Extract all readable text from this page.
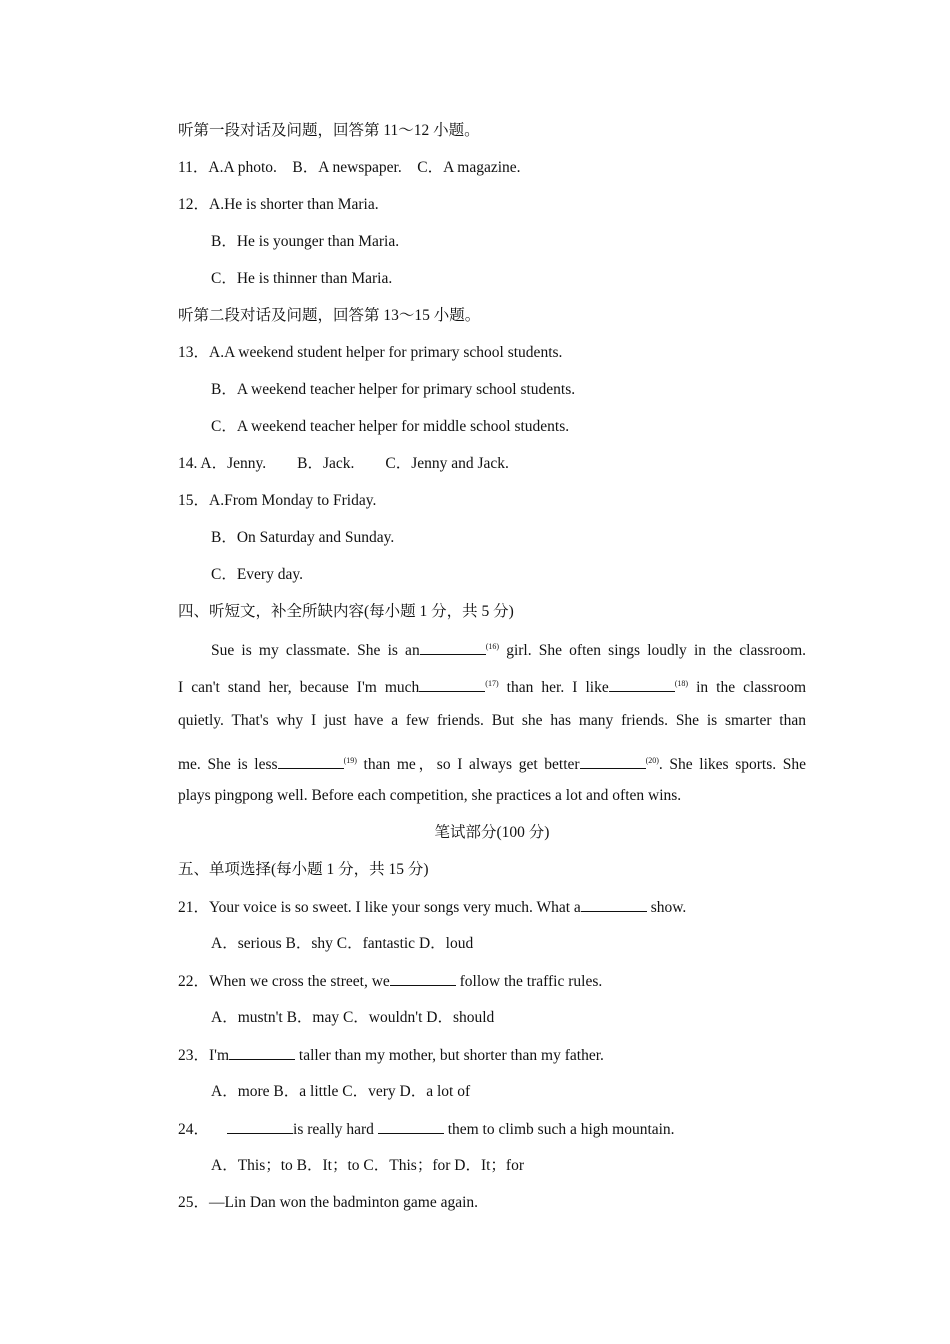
听第一段对话及问题，回答第 11～12 小题。
11．A.A photo.　B．A newspaper.　C．A magazine.
12．A.He is shorter than Maria.
B．He is younger than Maria.
C．He is thinner than Maria.
听第二段对话及问题，回答第 13～15 小题。
13．A.A weekend student helper for primary school students.
B．A weekend teacher helper for primary school students.
C．A weekend teacher helper for middle school students.
14. A．Jenny.　　B．Jack.　　C．Jenny and Jack.
15．A.From Monday to Friday.
B．On Saturday and Sunday.
C．Every day.
四、听短文，补全所缺内容(每小题 1 分，共 5 分)
Sue is my classmate. She is an	$^{(16)}$ girl. She often sings loudly in the classroom.
I can't stand her, because I'm much	$^{(17)}$ than her. I like	$^{(18)}$ in the classroom
quietly. That's why I just have a few friends. But she has many friends. She is smarter than
me. She is less	$^{(19)}$ than me，so I always get better	$^{(20)}$. She likes sports. She
plays pingpong well. Before each competition, she practices a lot and often wins.
笔试部分(100 分)
五、单项选择(每小题 1 分，共 15 分)
21．Your voice is so sweet. I like your songs very much. What a	show.
A．serious B．shy C．fantastic D．loud
22．When we cross the street, we	follow the traffic rules.
A．mustn't B．may C．wouldn't D．should
23．I'm	taller than my mother, but shorter than my father.
A．more B．a little C．very D．a lot of
24．	is really hard	them to climb such a high mountain.
A．This；to B．It；to C．This；for D．It；for
25．—Lin Dan won the badminton game again.
